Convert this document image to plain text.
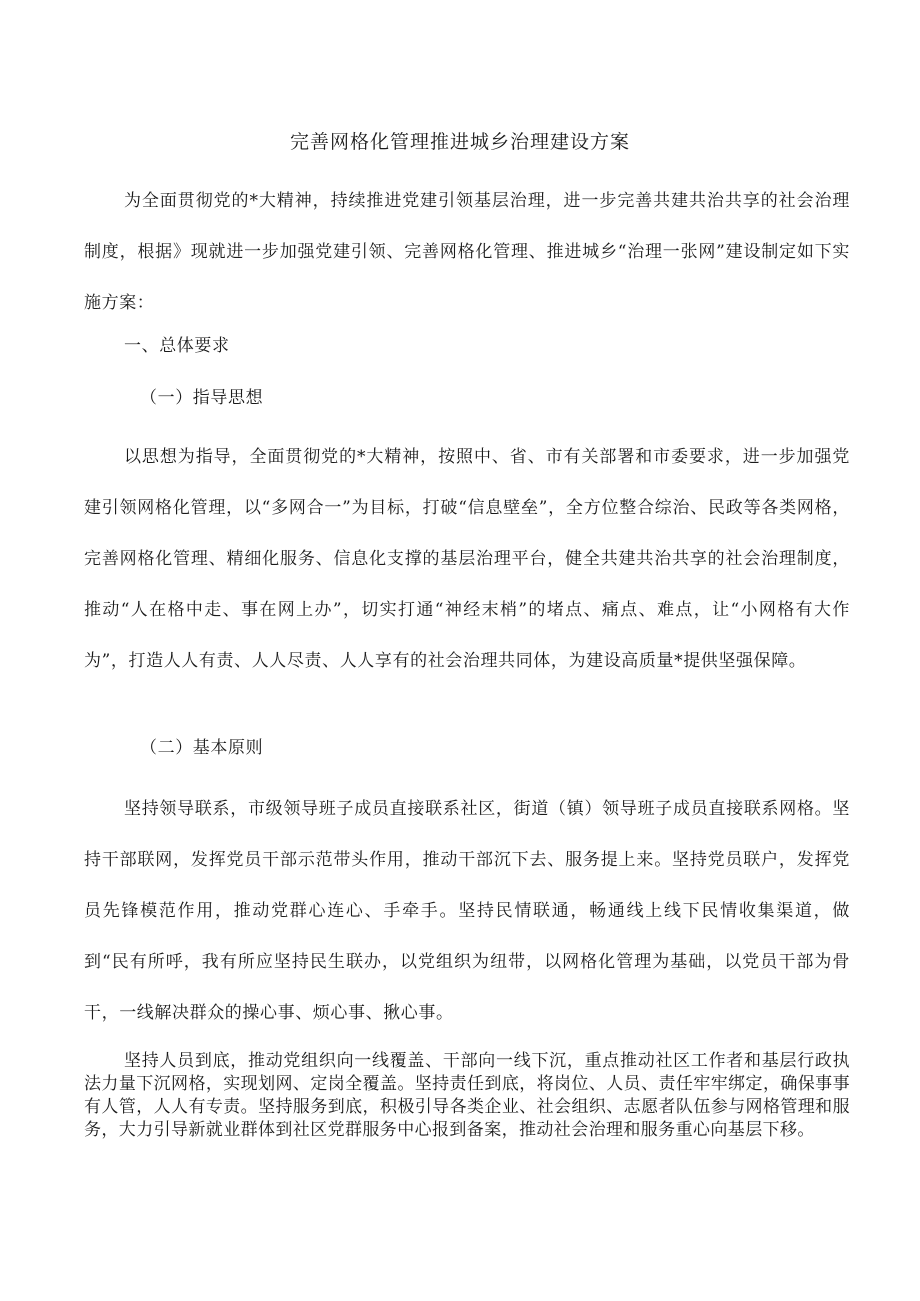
完善网格化管理推进城乡治理建设方案
为全面贯彻党的*大精神，持续推进党建引领基层治理，进一步完善共建共治共享的社会治理制度，根据》现就进一步加强党建引领、完善网格化管理、推进城乡“治理一张网”建设制定如下实施方案：
一、总体要求
（一）指导思想
以思想为指导，全面贯彻党的*大精神，按照中、省、市有关部署和市委要求，进一步加强党建引领网格化管理，以“多网合一”为目标，打破“信息壁垒”，全方位整合综治、民政等各类网格，完善网格化管理、精细化服务、信息化支撑的基层治理平台，健全共建共治共享的社会治理制度，推动“人在格中走、事在网上办”，切实打通“神经末梢”的堵点、痛点、难点，让“小网格有大作为”，打造人人有责、人人尽责、人人享有的社会治理共同体，为建设高质量*提供坚强保障。
（二）基本原则
坚持领导联系，市级领导班子成员直接联系社区，街道（镇）领导班子成员直接联系网格。坚持干部联网，发挥党员干部示范带头作用，推动干部沉下去、服务提上来。坚持党员联户，发挥党员先锋模范作用，推动党群心连心、手牵手。坚持民情联通，畅通线上线下民情收集渠道，做到“民有所呼，我有所应坚持民生联办，以党组织为纽带，以网格化管理为基础，以党员干部为骨干，一线解决群众的操心事、烦心事、揪心事。
坚持人员到底，推动党组织向一线覆盖、干部向一线下沉，重点推动社区工作者和基层行政执法力量下沉网格，实现划网、定岗全覆盖。坚持责任到底，将岗位、人员、责任牢牢绑定，确保事事有人管，人人有专责。坚持服务到底，积极引导各类企业、社会组织、志愿者队伍参与网格管理和服务，大力引导新就业群体到社区党群服务中心报到备案，推动社会治理和服务重心向基层下移。
